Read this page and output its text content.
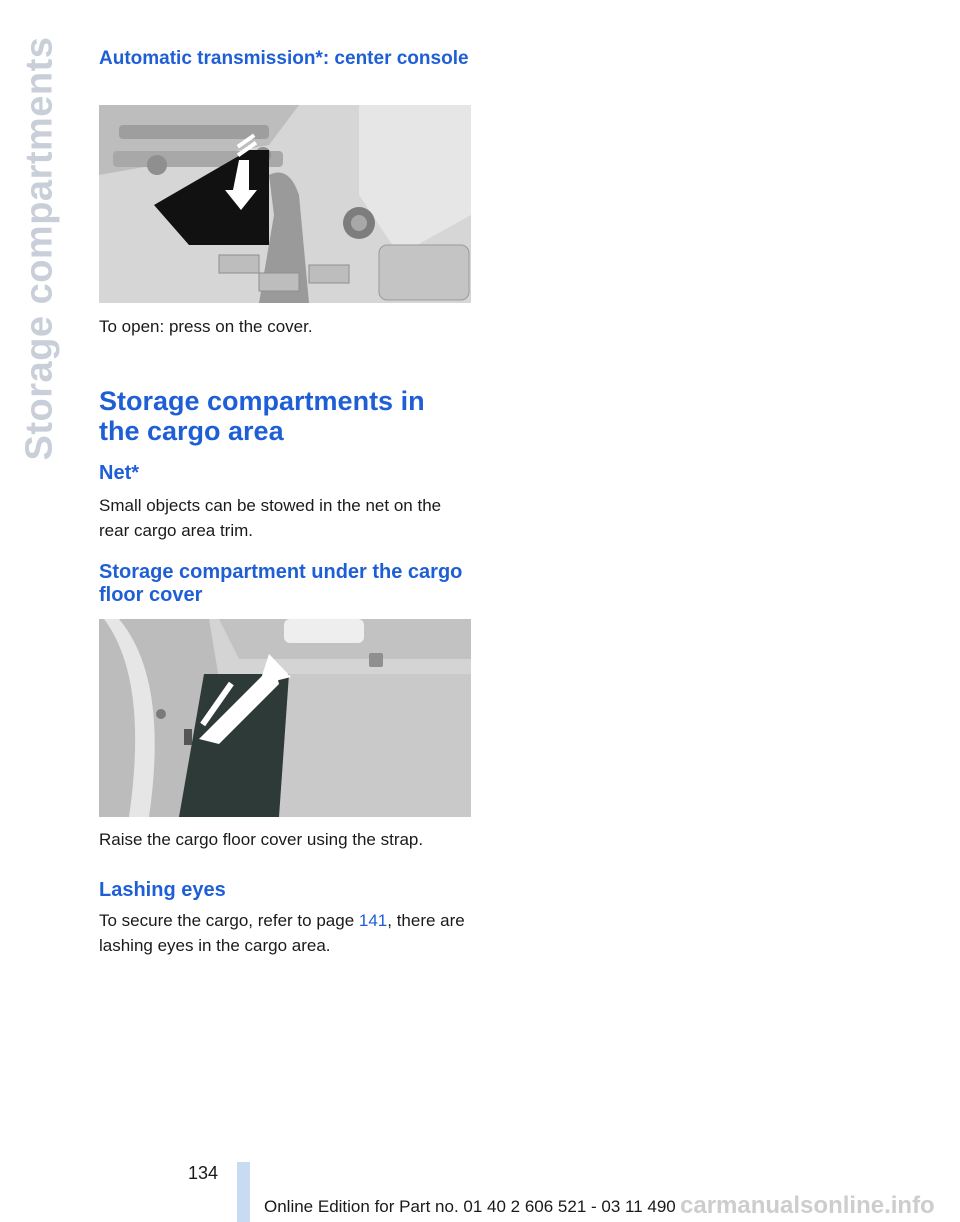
Storage compartments Automatic transmission*: center console

To open: press on the cover.

Storage compartments in the cargo area
Net*

Small objects can be stowed in the net on the rear cargo area trim.

Storage compartment under the cargo floor cover

Raise the cargo floor cover using the strap.

Lashing eyes

To secure the cargo, refer to page 141, there are lashing eyes in the cargo area.

134
Online Edition for Part no. 01 40 2 606 521 - 03 11 490 carmanualsonline.info
